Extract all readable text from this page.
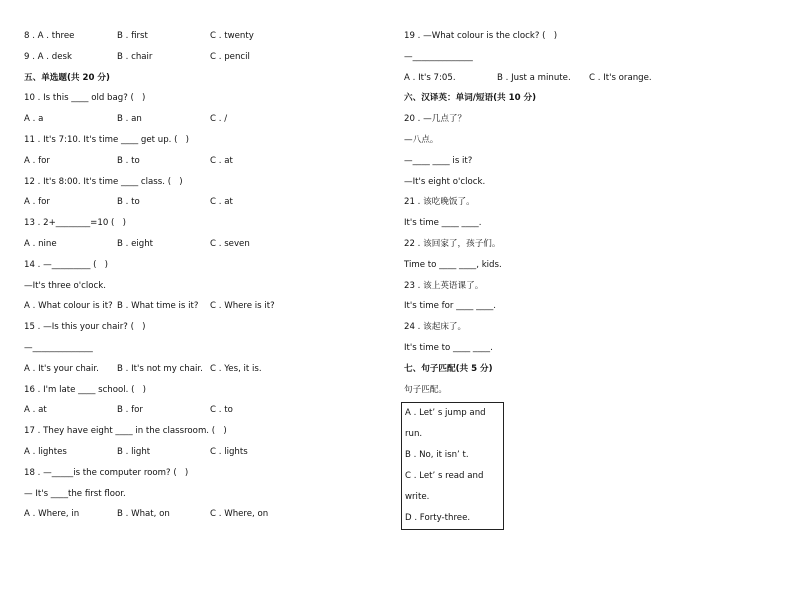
8 . A . three

	B . first

	C . twenty

9 . A . desk

	B . chair

	C . pencil

五、单选题(共 20 分)
10 . Is this ____ old bag? (   )

A . a

	B . an

	C . /

11 . It's 7:10. It's time ____ get up. (   )

A . for

	B . to

	C . at

12 . It's 8:00. It's time ____ class. (   )

A . for

	B . to

	C . at

13 . 2+________=10 (   )

A . nine

	B . eight

	C . seven

14 . —_________ (   )
—It's three o'clock.

A . What colour is it?

B . What time is it?

C . Where is it?

15 . —Is this your chair? (   )
—______________

A . It's your chair.

B . It's not my chair.

C . Yes, it is.

16 . I'm late ____ school. (   )

A . at

	B . for

	C . to

17 . They have eight ____ in the classroom. (   )

A . lightes

	B . light

	C . lights

18 . —_____is the computer room? (   )
— It's ____the first floor.

A . Where, in

	B . What, on

	C . Where, on

19 . —What colour is the clock? (   )
—______________

A . It's 7:05.

	B . Just a minute.

C . It's orange.

六、汉译英：单词/短语(共 10 分)
20 . —几点了？
—八点。
—____ ____ is it?
—It's eight o'clock.
21 . 该吃晚饭了。
It's time ____ ____.
22 . 该回家了，孩子们。
Time to ____ ____, kids.
23 . 该上英语课了。
It's time for ____ ____.
24 . 该起床了。
It's time to ____ ____.
七、句子匹配(共 5 分)
句子匹配。
A . Let’ s jump and
run.
B . No, it isn’ t.
C . Let’ s read and
write.
D . Forty-three.
